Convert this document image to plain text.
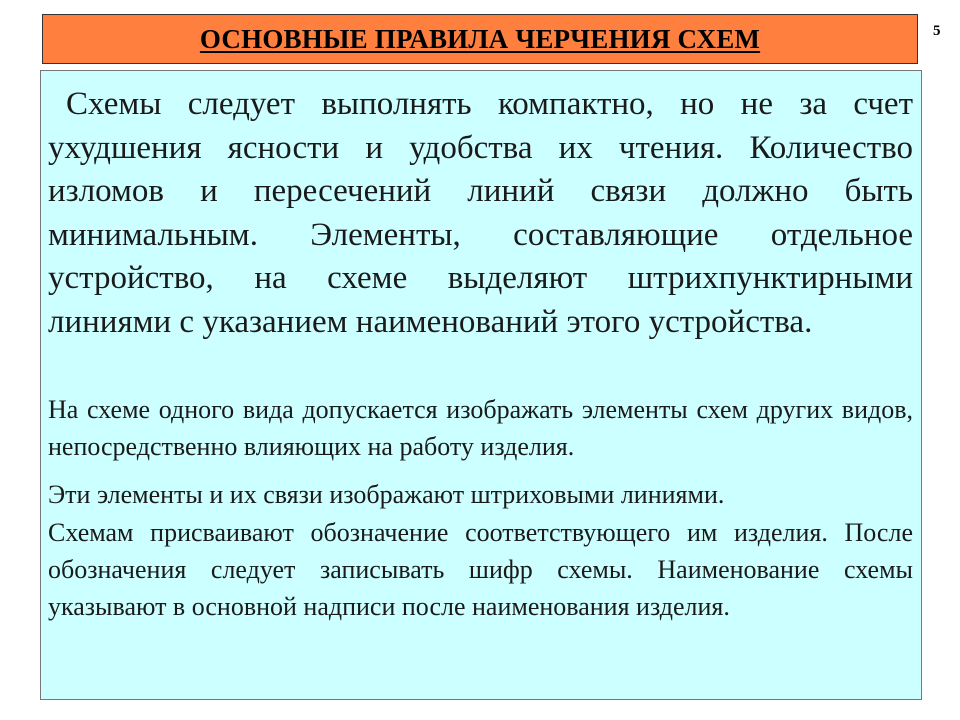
ОСНОВНЫЕ ПРАВИЛА ЧЕРЧЕНИЯ СХЕМ	5

Схемы следует выполнять компактно, но не за счет ухудшения ясности и удобства их чтения. Количество изломов и пересечений линий связи должно быть минимальным. Элементы, составляющие отдельное устройство, на схеме выделяют штрихпунктирными линиями с указанием наименований этого устройства.

На схеме одного вида допускается изображать элементы схем других видов, непосредственно влияющих на работу изделия.

Эти элементы и их связи изображают штриховыми линиями.

Схемам присваивают обозначение соответствующего им изделия. После обозначения следует записывать шифр схемы. Наименование схемы указывают в основной надписи после наименования изделия.
